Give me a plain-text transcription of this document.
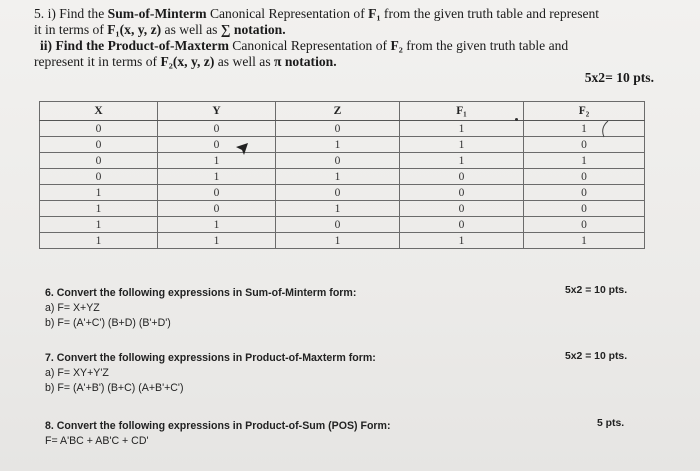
5. i) Find the Sum-of-Minterm Canonical Representation of F₁ from the given truth table and represent
it in terms of F₁(x, y, z) as well as ∑ notation.
ii) Find the Product-of-Maxterm Canonical Representation of F₂ from the given truth table and
represent it in terms of F₂(x, y, z) as well as π notation.
5x2= 10 pts.
X	Y	Z	F₁	F₂
0	0	0	1	1
0	0	1	1	0
0	1	0	1	1
0	1	1	0	0
1	0	0	0	0
1	0	1	0	0
1	1	0	0	0
1	1	1	1	1
6. Convert the following expressions in Sum-of-Minterm form:
a) F= X+YZ
b) F= (A'+C') (B+D) (B'+D')
5x2 = 10 pts.
7. Convert the following expressions in Product-of-Maxterm form:
a) F= XY+Y'Z
b) F= (A'+B') (B+C) (A+B'+C')
5x2 = 10 pts.
8. Convert the following expressions in Product-of-Sum (POS) Form:
F= A'BC + AB'C + CD'
5 pts.
